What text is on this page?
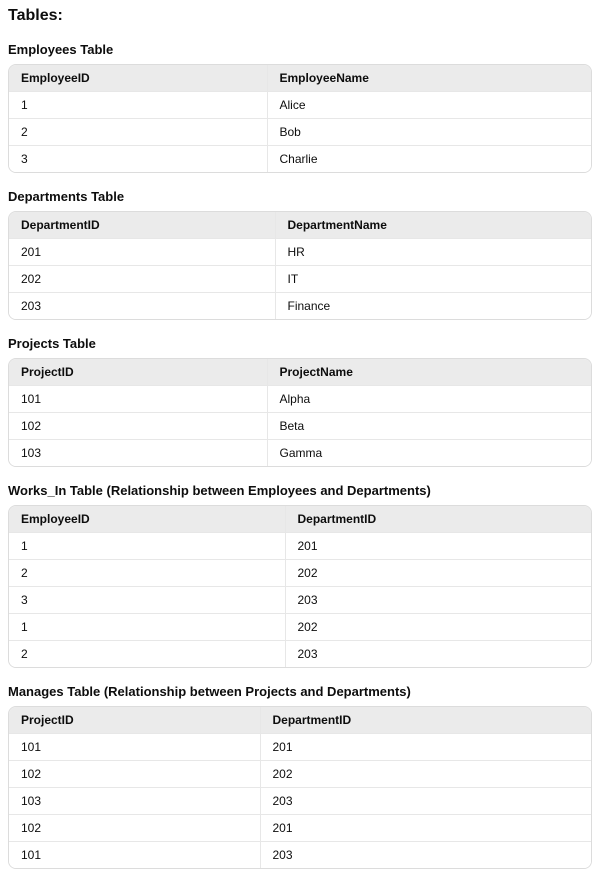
Tables:
Employees Table
EmployeeID	EmployeeName
1	Alice
2	Bob
3	Charlie
Departments Table
DepartmentID	DepartmentName
201	HR
202	IT
203	Finance
Projects Table
ProjectID	ProjectName
101	Alpha
102	Beta
103	Gamma
Works_In Table (Relationship between Employees and Departments)
EmployeeID	DepartmentID
1	201
2	202
3	203
1	202
2	203
Manages Table (Relationship between Projects and Departments)
ProjectID	DepartmentID
101	201
102	202
103	203
102	201
101	203
